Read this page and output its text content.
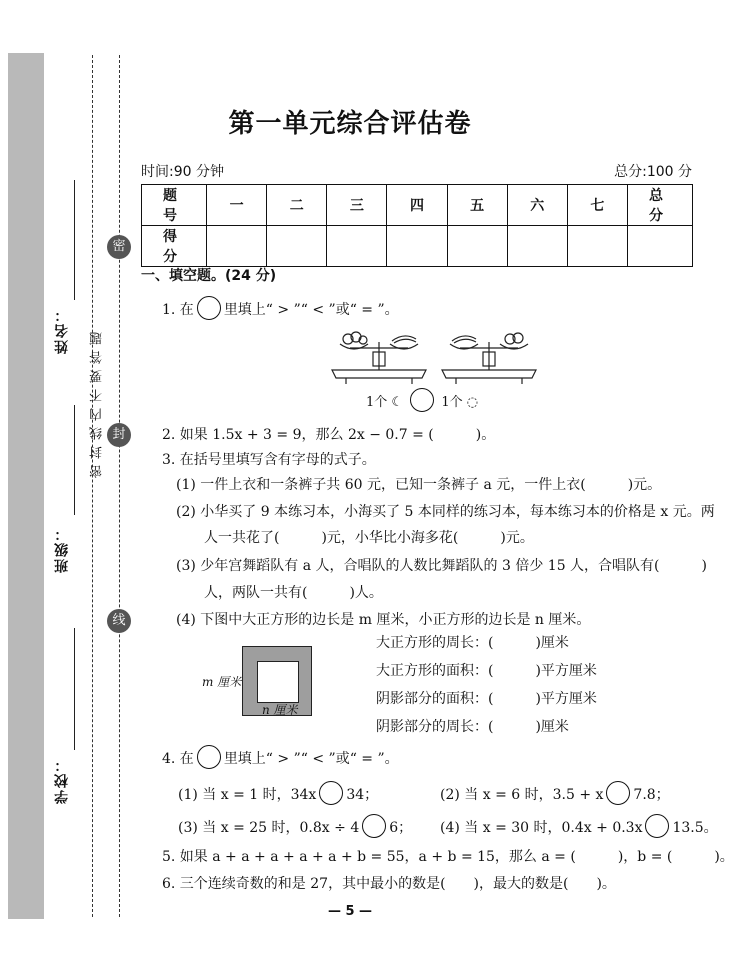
密
封
线
密封线内不要答题
姓名：
班级：
学校：
第一单元综合评估卷
时间:90 分钟	总分:100 分
题　号	一	二	三	四	五	六	七	总　分
得　分								
一、填空题。(24 分)
1. 在 里填上“ > ”“ < ”或“ = ”。
1个 ☾	1个 ◌
2. 如果 1.5x + 3 = 9，那么 2x − 0.7 = (　　　)。
3. 在括号里填写含有字母的式子。
(1) 一件上衣和一条裤子共 60 元，已知一条裤子 a 元，一件上衣(　　　)元。
(2) 小华买了 9 本练习本，小海买了 5 本同样的练习本，每本练习本的价格是 x 元。两
人一共花了(　　　)元，小华比小海多花(　　　)元。
(3) 少年宫舞蹈队有 a 人，合唱队的人数比舞蹈队的 3 倍少 15 人，合唱队有(　　　)
人，两队一共有(　　　)人。
(4) 下图中大正方形的边长是 m 厘米，小正方形的边长是 n 厘米。
m 厘米
n 厘米
大正方形的周长：(　　　)厘米
大正方形的面积：(　　　)平方厘米
阴影部分的面积：(　　　)平方厘米
阴影部分的周长：(　　　)厘米
4. 在 里填上“ > ”“ < ”或“ = ”。
(1) 当 x = 1 时，34x 34；	(2) 当 x = 6 时，3.5 + x 7.8；
(3) 当 x = 25 时，0.8x ÷ 4 6； (4) 当 x = 30 时，0.4x + 0.3x 13.5。
5. 如果 a + a + a + a + a + b = 55，a + b = 15，那么 a = (　　　)，b = (　　　)。
6. 三个连续奇数的和是 27，其中最小的数是(　　)，最大的数是(　　)。
— 5 —
